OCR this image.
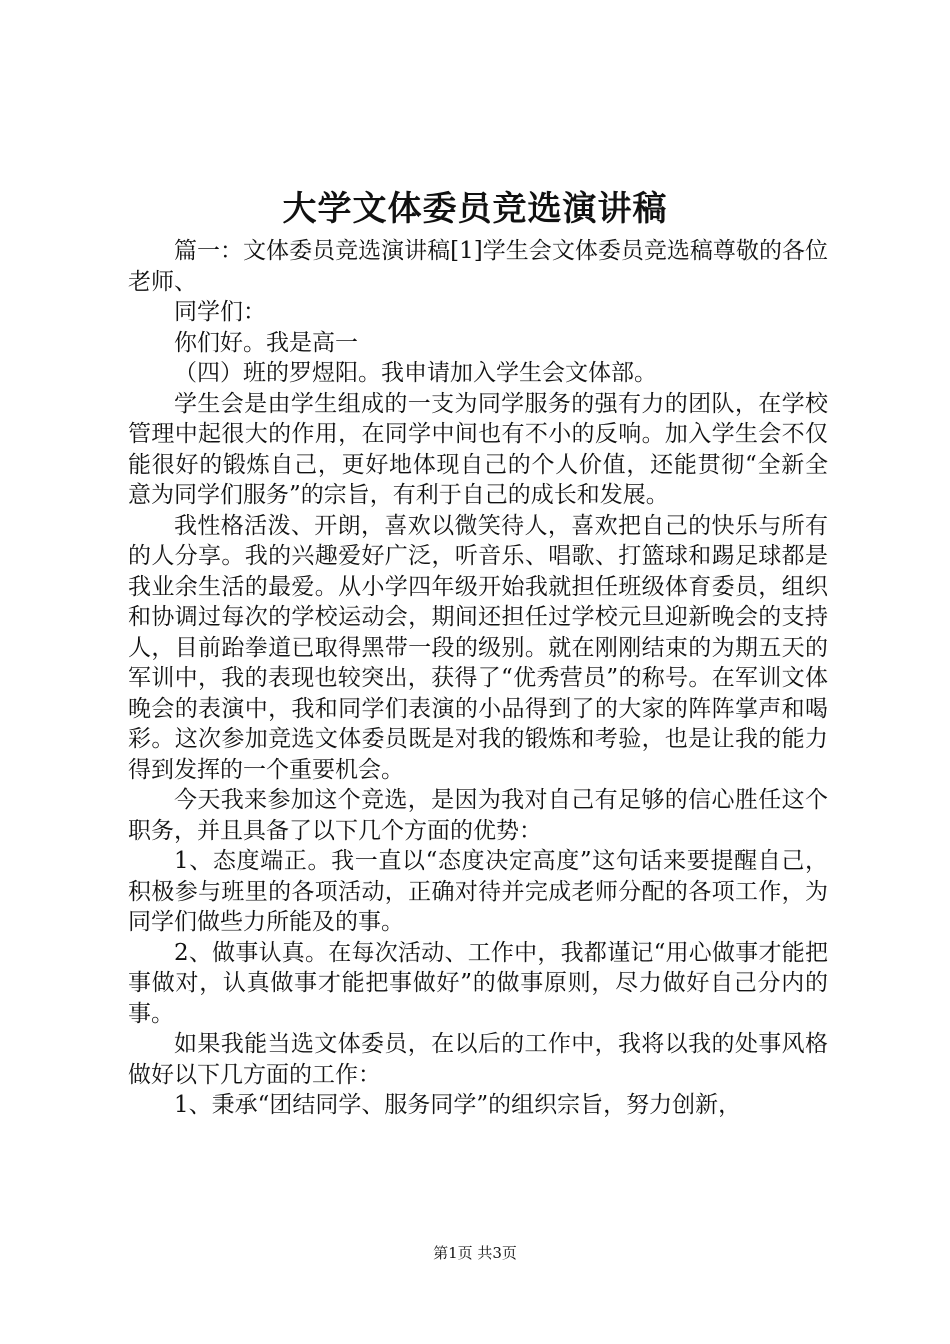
大学文体委员竞选演讲稿

篇一：文体委员竞选演讲稿[1]学生会文体委员竞选稿尊敬的各位老师、

同学们：

你们好。我是高一

（四）班的罗煜阳。我申请加入学生会文体部。

学生会是由学生组成的一支为同学服务的强有力的团队，在学校管理中起很大的作用，在同学中间也有不小的反响。加入学生会不仅能很好的锻炼自己，更好地体现自己的个人价值，还能贯彻“全新全意为同学们服务”的宗旨，有利于自己的成长和发展。

我性格活泼、开朗，喜欢以微笑待人，喜欢把自己的快乐与所有的人分享。我的兴趣爱好广泛，听音乐、唱歌、打篮球和踢足球都是我业余生活的最爱。从小学四年级开始我就担任班级体育委员，组织和协调过每次的学校运动会，期间还担任过学校元旦迎新晚会的支持人，目前跆拳道已取得黑带一段的级别。就在刚刚结束的为期五天的军训中，我的表现也较突出，获得了“优秀营员”的称号。在军训文体晚会的表演中，我和同学们表演的小品得到了的大家的阵阵掌声和喝彩。这次参加竞选文体委员既是对我的锻炼和考验，也是让我的能力得到发挥的一个重要机会。

今天我来参加这个竞选，是因为我对自己有足够的信心胜任这个职务，并且具备了以下几个方面的优势：

1、态度端正。我一直以“态度决定高度”这句话来要提醒自己，积极参与班里的各项活动，正确对待并完成老师分配的各项工作，为同学们做些力所能及的事。

2、做事认真。在每次活动、工作中，我都谨记“用心做事才能把事做对，认真做事才能把事做好”的做事原则，尽力做好自己分内的事。

如果我能当选文体委员，在以后的工作中，我将以我的处事风格做好以下几方面的工作：

1、秉承“团结同学、服务同学”的组织宗旨，努力创新，

第1页 共3页
